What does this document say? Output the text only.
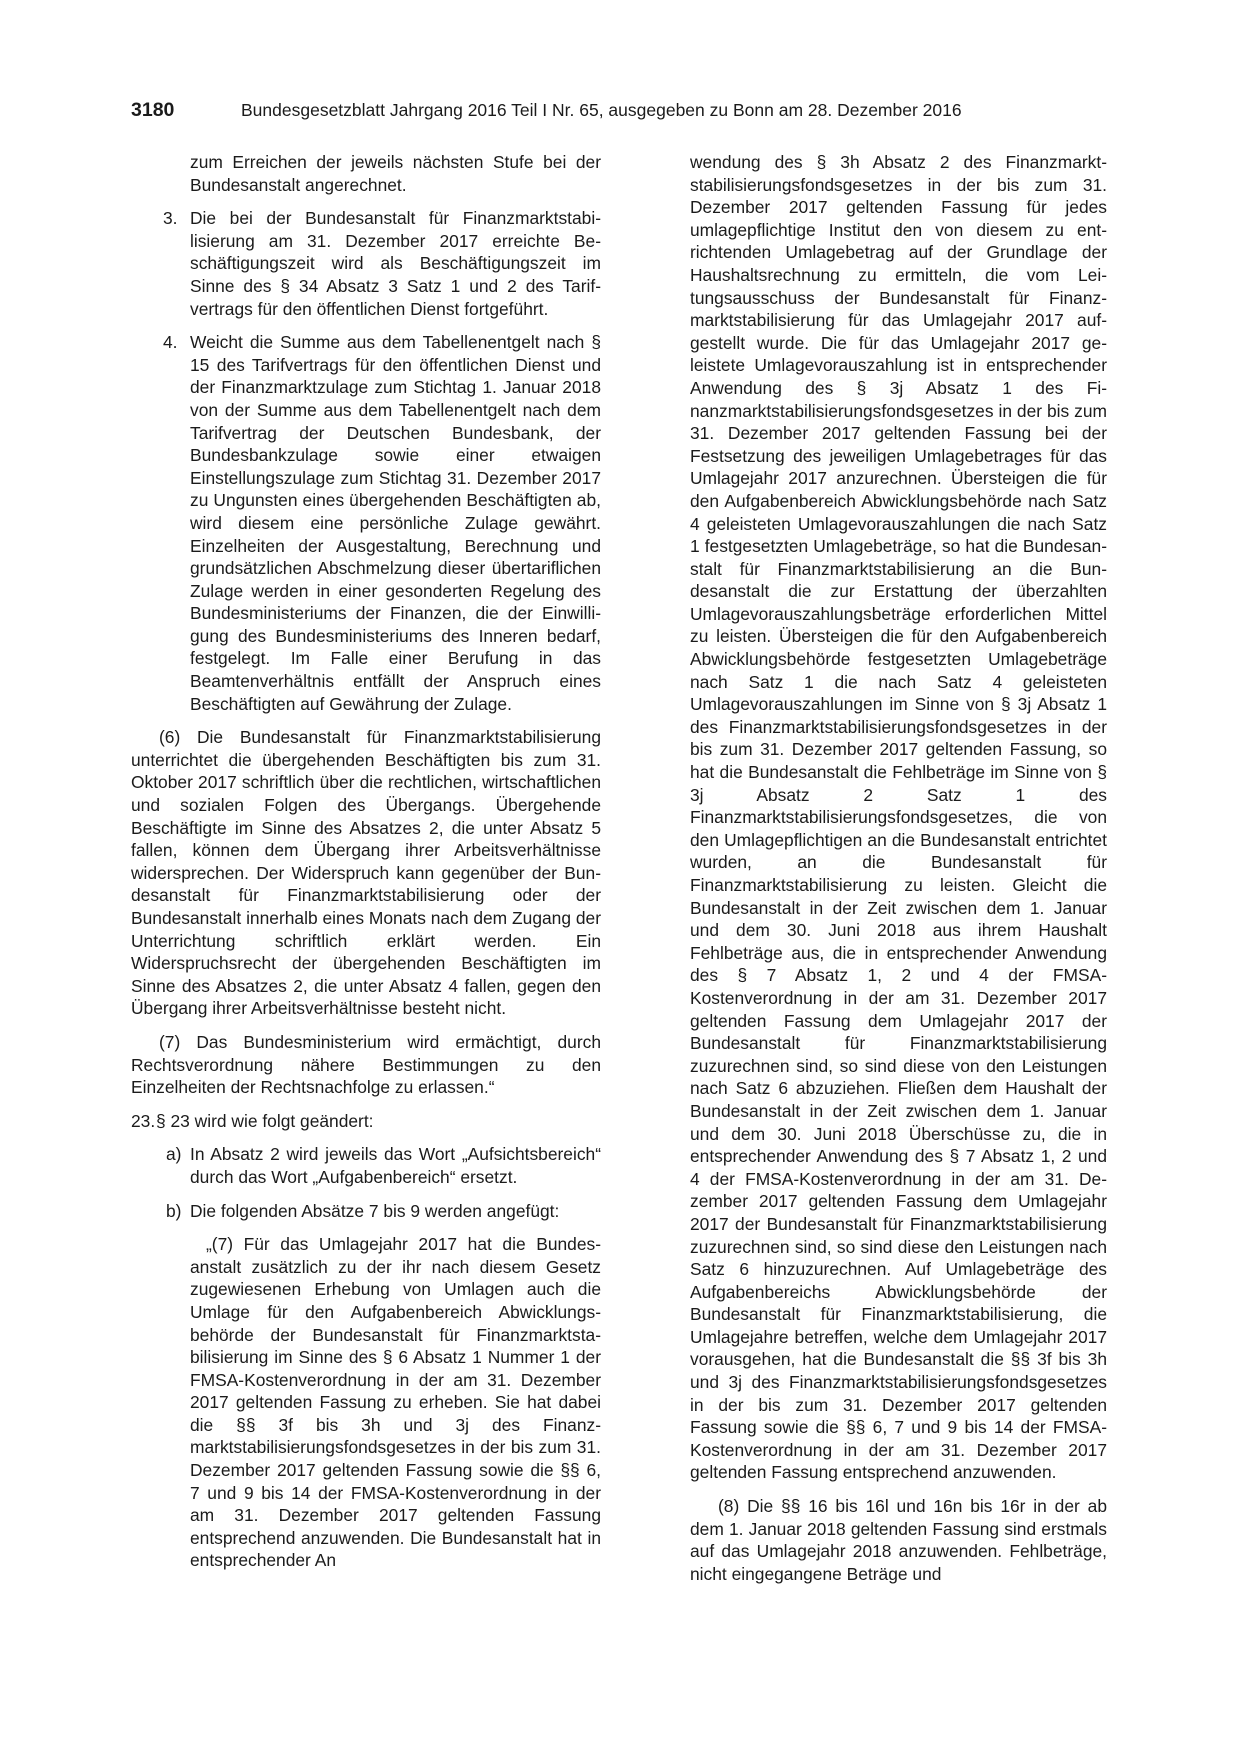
3180	Bundesgesetzblatt Jahrgang 2016 Teil I Nr. 65, ausgegeben zu Bonn am 28. Dezember 2016

zum Erreichen der jeweils nächsten Stufe bei der Bundesanstalt angerechnet.

3. Die bei der Bundesanstalt für Finanzmarktstabilisierung am 31. Dezember 2017 erreichte Beschäftigungszeit wird als Beschäftigungszeit im Sinne des § 34 Absatz 3 Satz 1 und 2 des Tarifvertrags für den öffentlichen Dienst fortgeführt.

4. Weicht die Summe aus dem Tabellenentgelt nach § 15 des Tarifvertrags für den öffentlichen Dienst und der Finanzmarktzulage zum Stichtag 1. Januar 2018 von der Summe aus dem Tabellenentgelt nach dem Tarifvertrag der Deutschen Bundesbank, der Bundesbankzulage sowie einer etwaigen Einstellungszulage zum Stichtag 31. Dezember 2017 zu Ungunsten eines übergehenden Beschäftigten ab, wird diesem eine persönliche Zulage gewährt. Einzelheiten der Ausgestaltung, Berechnung und grundsätzlichen Abschmelzung dieser übertariflichen Zulage werden in einer gesonderten Regelung des Bundesministeriums der Finanzen, die der Einwilligung des Bundesministeriums des Inneren bedarf, festgelegt. Im Falle einer Berufung in das Beamtenverhältnis entfällt der Anspruch eines Beschäftigten auf Gewährung der Zulage.

(6) Die Bundesanstalt für Finanzmarktstabilisierung unterrichtet die übergehenden Beschäftigten bis zum 31. Oktober 2017 schriftlich über die rechtlichen, wirtschaftlichen und sozialen Folgen des Übergangs. Übergehende Beschäftigte im Sinne des Absatzes 2, die unter Absatz 5 fallen, können dem Übergang ihrer Arbeitsverhältnisse widersprechen. Der Widerspruch kann gegenüber der Bundesanstalt für Finanzmarktstabilisierung oder der Bundesanstalt innerhalb eines Monats nach dem Zugang der Unterrichtung schriftlich erklärt werden. Ein Widerspruchsrecht der übergehenden Beschäftigten im Sinne des Absatzes 2, die unter Absatz 4 fallen, gegen den Übergang ihrer Arbeitsverhältnisse besteht nicht.

(7) Das Bundesministerium wird ermächtigt, durch Rechtsverordnung nähere Bestimmungen zu den Einzelheiten der Rechtsnachfolge zu erlassen.“

23. § 23 wird wie folgt geändert:

a) In Absatz 2 wird jeweils das Wort „Aufsichtsbereich“ durch das Wort „Aufgabenbereich“ ersetzt.

b) Die folgenden Absätze 7 bis 9 werden angefügt:

„(7) Für das Umlagejahr 2017 hat die Bundesanstalt zusätzlich zu der ihr nach diesem Gesetz zugewiesenen Erhebung von Umlagen auch die Umlage für den Aufgabenbereich Abwicklungsbehörde der Bundesanstalt für Finanzmarktstabilisierung im Sinne des § 6 Absatz 1 Nummer 1 der FMSA-Kostenverordnung in der am 31. Dezember 2017 geltenden Fassung zu erheben. Sie hat dabei die §§ 3f bis 3h und 3j des Finanzmarktstabilisierungsfondsgesetzes in der bis zum 31. Dezember 2017 geltenden Fassung sowie die §§ 6, 7 und 9 bis 14 der FMSA-Kostenverordnung in der am 31. Dezember 2017 geltenden Fassung entsprechend anzuwenden. Die Bundesanstalt hat in entsprechender An

wendung des § 3h Absatz 2 des Finanzmarktstabilisierungsfondsgesetzes in der bis zum 31. Dezember 2017 geltenden Fassung für jedes umlagepflichtige Institut den von diesem zu entrichtenden Umlagebetrag auf der Grundlage der Haushaltsrechnung zu ermitteln, die vom Leitungsausschuss der Bundesanstalt für Finanzmarktstabilisierung für das Umlagejahr 2017 aufgestellt wurde. Die für das Umlagejahr 2017 geleistete Umlagevorauszahlung ist in entsprechender Anwendung des § 3j Absatz 1 des Finanzmarktstabilisierungsfondsgesetzes in der bis zum 31. Dezember 2017 geltenden Fassung bei der Festsetzung des jeweiligen Umlagebetrages für das Umlagejahr 2017 anzurechnen. Übersteigen die für den Aufgabenbereich Abwicklungsbehörde nach Satz 4 geleisteten Umlagevorauszahlungen die nach Satz 1 festgesetzten Umlagebeträge, so hat die Bundesanstalt für Finanzmarktstabilisierung an die Bundesanstalt die zur Erstattung der überzahlten Umlagevorauszahlungsbeträge erforderlichen Mittel zu leisten. Übersteigen die für den Aufgabenbereich Abwicklungsbehörde festgesetzten Umlagebeträge nach Satz 1 die nach Satz 4 geleisteten Umlagevorauszahlungen im Sinne von § 3j Absatz 1 des Finanzmarktstabilisierungsfondsgesetzes in der bis zum 31. Dezember 2017 geltenden Fassung, so hat die Bundesanstalt die Fehlbeträge im Sinne von § 3j Absatz 2 Satz 1 des Finanzmarktstabilisierungsfondsgesetzes, die von den Umlagepflichtigen an die Bundesanstalt entrichtet wurden, an die Bundesanstalt für Finanzmarktstabilisierung zu leisten. Gleicht die Bundesanstalt in der Zeit zwischen dem 1. Januar und dem 30. Juni 2018 aus ihrem Haushalt Fehlbeträge aus, die in entsprechender Anwendung des § 7 Absatz 1, 2 und 4 der FMSA-Kostenverordnung in der am 31. Dezember 2017 geltenden Fassung dem Umlagejahr 2017 der Bundesanstalt für Finanzmarktstabilisierung zuzurechnen sind, so sind diese von den Leistungen nach Satz 6 abzuziehen. Fließen dem Haushalt der Bundesanstalt in der Zeit zwischen dem 1. Januar und dem 30. Juni 2018 Überschüsse zu, die in entsprechender Anwendung des § 7 Absatz 1, 2 und 4 der FMSA-Kostenverordnung in der am 31. Dezember 2017 geltenden Fassung dem Umlagejahr 2017 der Bundesanstalt für Finanzmarktstabilisierung zuzurechnen sind, so sind diese den Leistungen nach Satz 6 hinzuzurechnen. Auf Umlagebeträge des Aufgabenbereichs Abwicklungsbehörde der Bundesanstalt für Finanzmarktstabilisierung, die Umlagejahre betreffen, welche dem Umlagejahr 2017 vorausgehen, hat die Bundesanstalt die §§ 3f bis 3h und 3j des Finanzmarktstabilisierungsfondsgesetzes in der bis zum 31. Dezember 2017 geltenden Fassung sowie die §§ 6, 7 und 9 bis 14 der FMSA-Kostenverordnung in der am 31. Dezember 2017 geltenden Fassung entsprechend anzuwenden.

(8) Die §§ 16 bis 16l und 16n bis 16r in der ab dem 1. Januar 2018 geltenden Fassung sind erstmals auf das Umlagejahr 2018 anzuwenden. Fehlbeträge, nicht eingegangene Beträge und
